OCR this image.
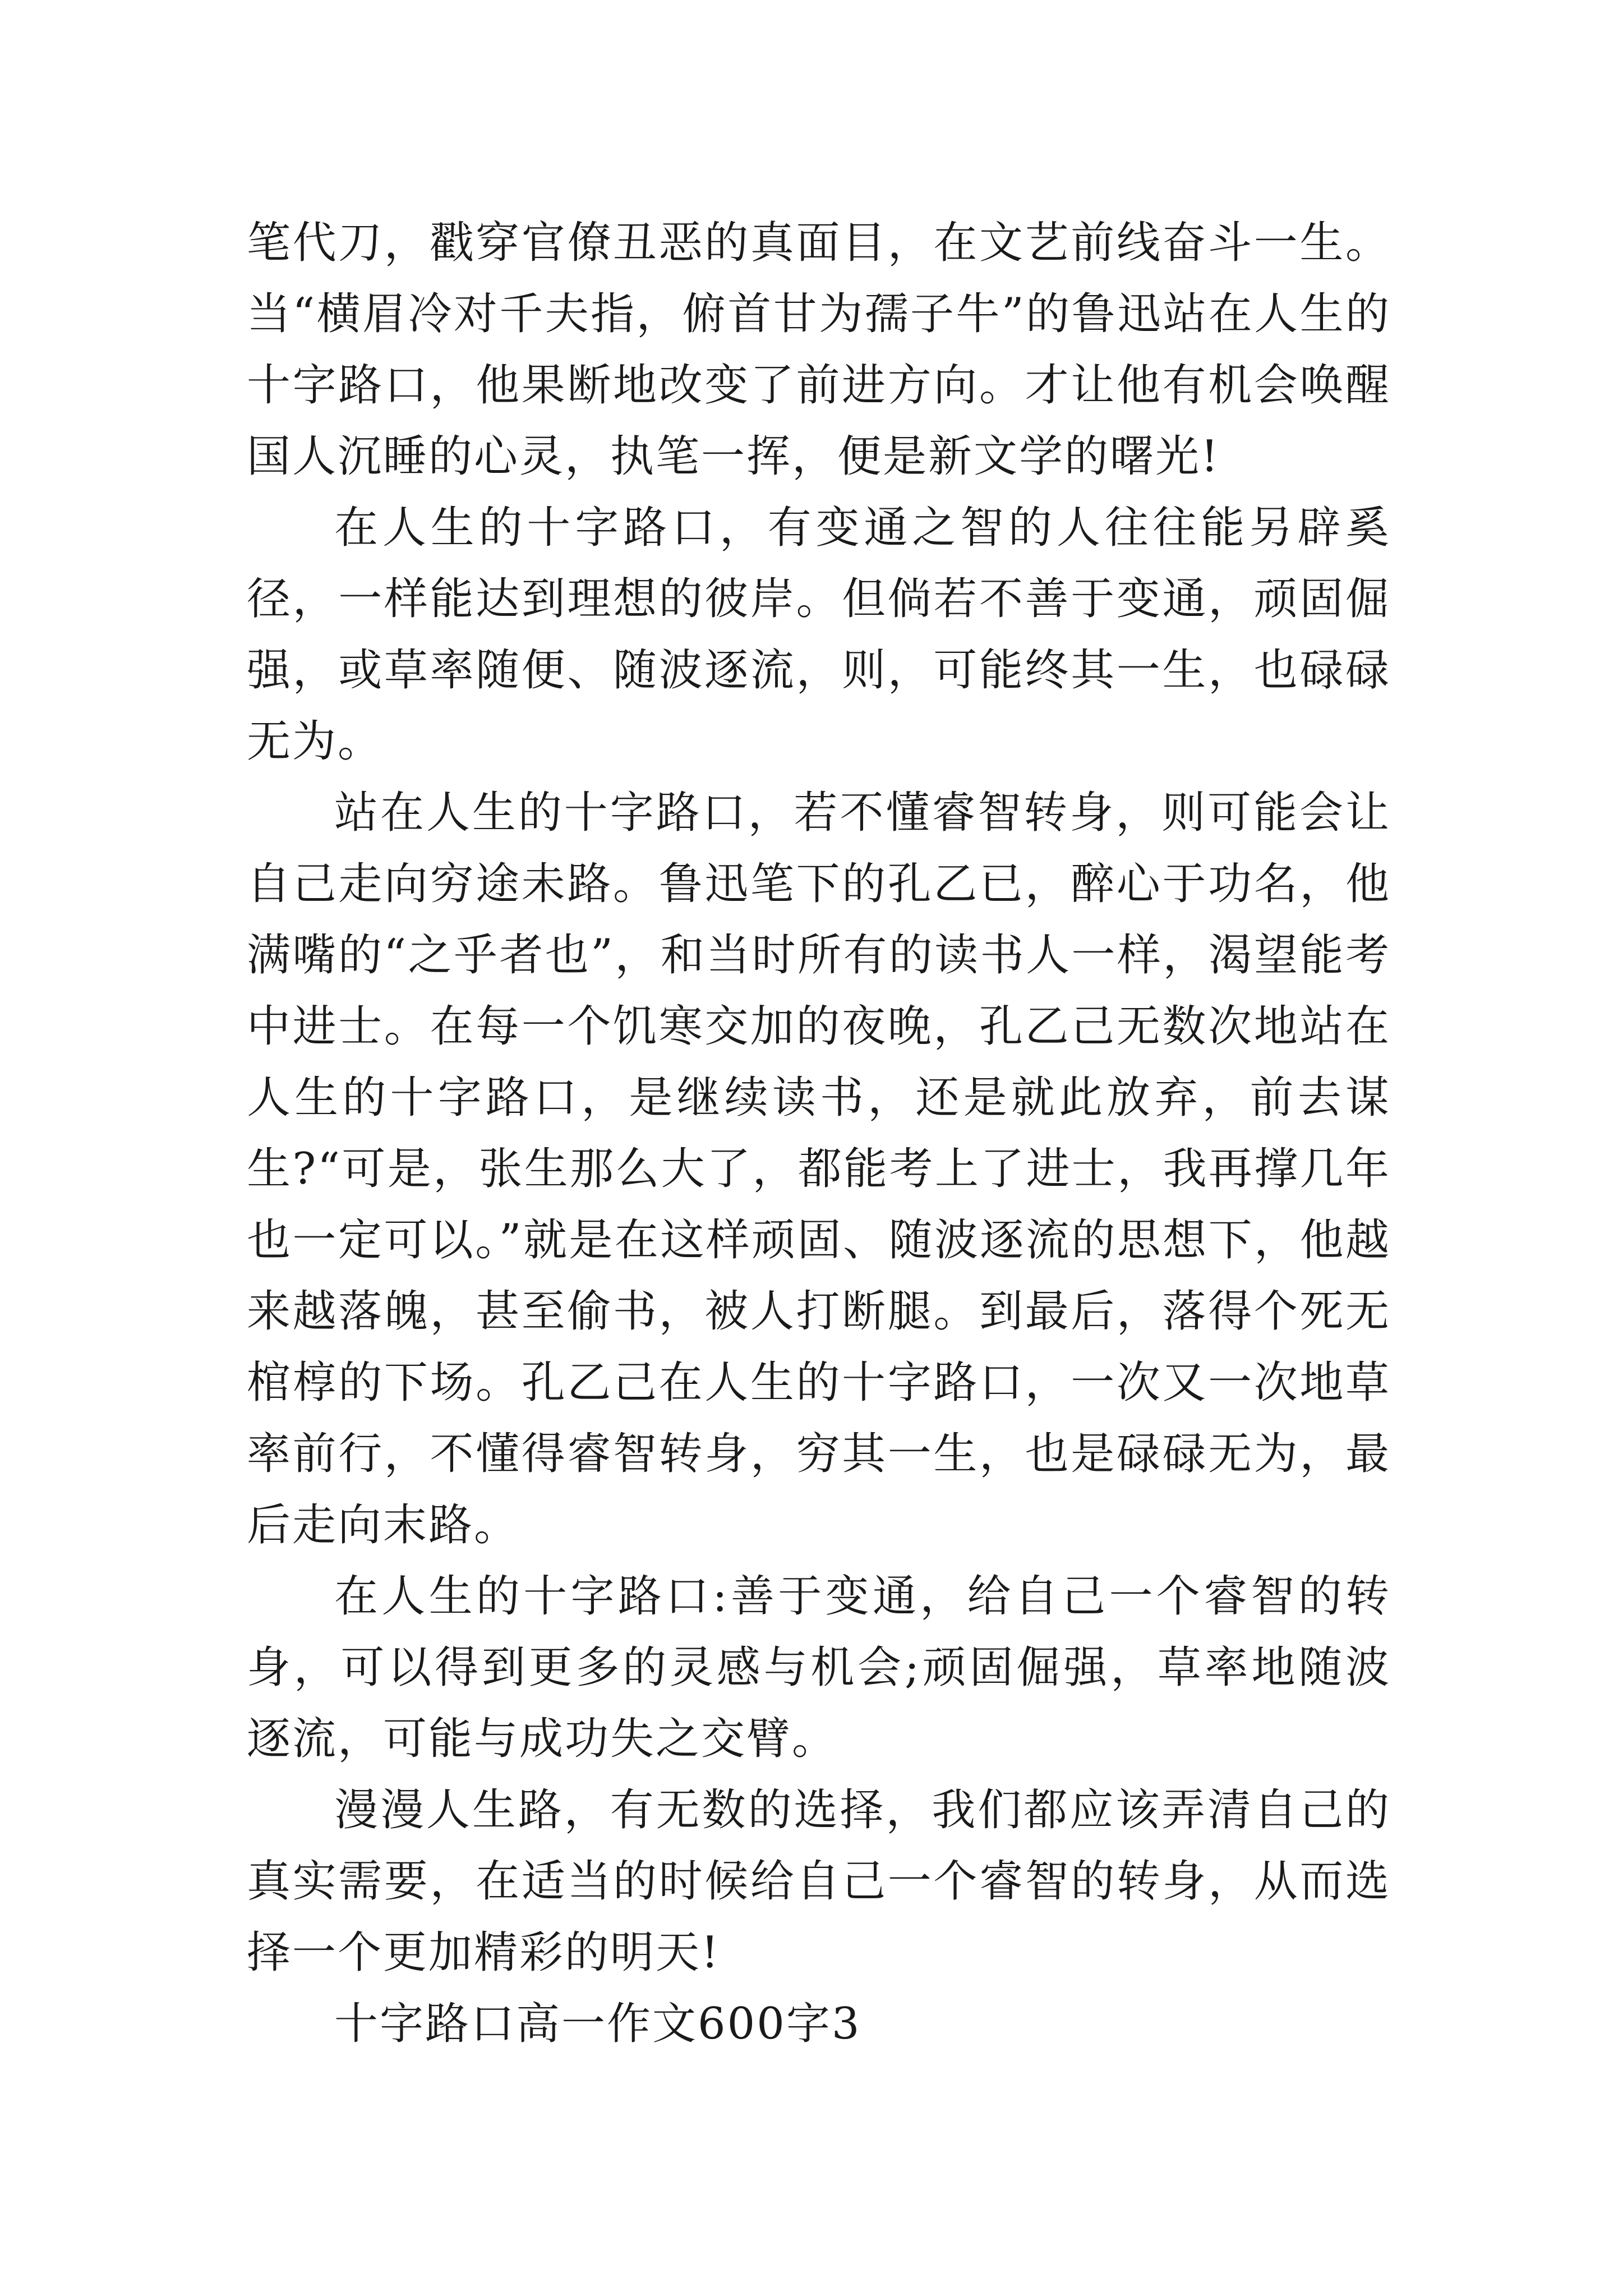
笔代刀，戳穿官僚丑恶的真面目，在文艺前线奋斗一生。当“横眉冷对千夫指，俯首甘为孺子牛”的鲁迅站在人生的十字路口，他果断地改变了前进方向。才让他有机会唤醒国人沉睡的心灵，执笔一挥，便是新文学的曙光!

在人生的十字路口，有变通之智的人往往能另辟奚径，一样能达到理想的彼岸。但倘若不善于变通，顽固倔强，或草率随便、随波逐流，则，可能终其一生，也碌碌无为。

站在人生的十字路口，若不懂睿智转身，则可能会让自己走向穷途未路。鲁迅笔下的孔乙已，醉心于功名，他满嘴的“之乎者也”，和当时所有的读书人一样，渴望能考中进士。在每一个饥寒交加的夜晚，孔乙己无数次地站在人生的十字路口，是继续读书，还是就此放弃，前去谋生?“可是，张生那么大了，都能考上了进士，我再撑几年也一定可以。”就是在这样顽固、随波逐流的思想下，他越来越落魄，甚至偷书，被人打断腿。到最后，落得个死无棺椁的下场。孔乙己在人生的十字路口，一次又一次地草率前行，不懂得睿智转身，穷其一生，也是碌碌无为，最后走向末路。

在人生的十字路口:善于变通，给自己一个睿智的转身，可以得到更多的灵感与机会;顽固倔强，草率地随波逐流，可能与成功失之交臂。

漫漫人生路，有无数的选择，我们都应该弄清自己的真实需要，在适当的时候给自己一个睿智的转身，从而选择一个更加精彩的明天!

十字路口高一作文600字3
